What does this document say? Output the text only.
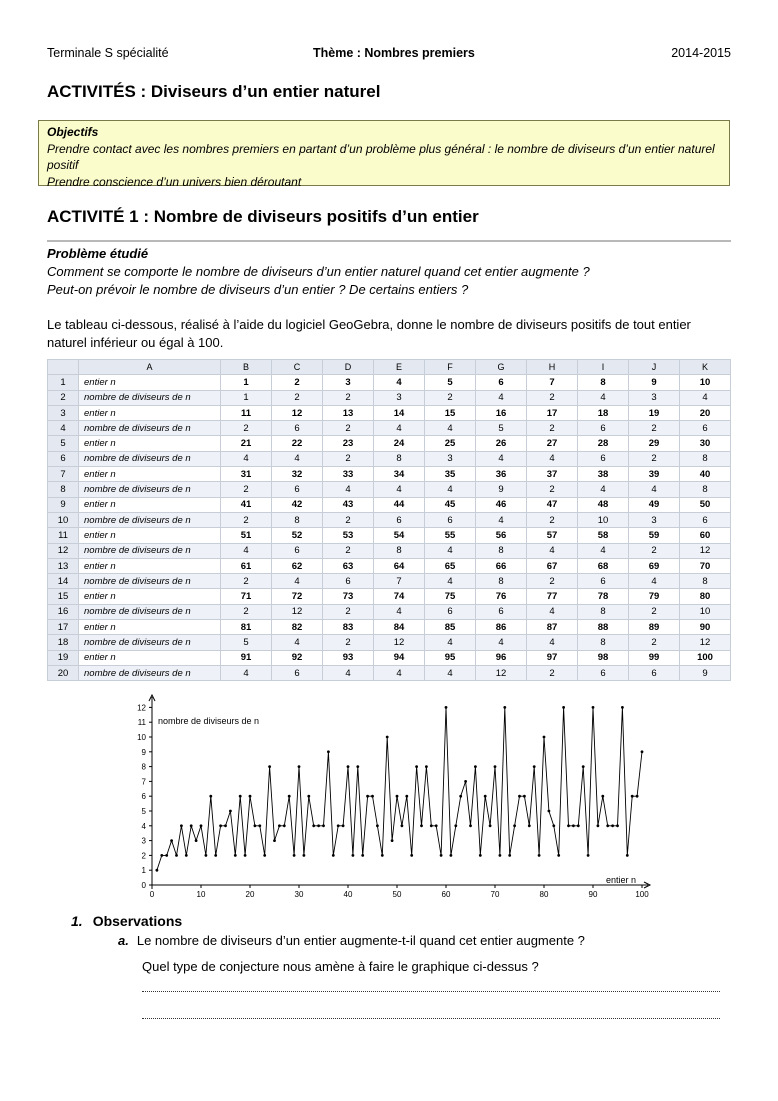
Terminale S spécialité	Thème : Nombres premiers	2014-2015
ACTIVITÉS : Diviseurs d’un entier naturel
Objectifs
Prendre contact avec les nombres premiers en partant d’un problème plus général : le nombre de diviseurs d’un entier naturel positif
Prendre conscience d’un univers bien déroutant
ACTIVITÉ 1 : Nombre de diviseurs positifs d’un entier
Problème étudié
Comment se comporte le nombre de diviseurs d’un entier naturel quand cet entier augmente ?
Peut-on prévoir le nombre de diviseurs d’un entier ? De certains entiers ?
Le tableau ci-dessous, réalisé à l’aide du logiciel GeoGebra, donne le nombre de diviseurs positifs de tout entier naturel inférieur ou égal à 100.
	A	B	C	D	E	F	G	H	I	J	K
1	entier n	1	2	3	4	5	6	7	8	9	10
2	nombre de diviseurs de n	1	2	2	3	2	4	2	4	3	4
3	entier n	11	12	13	14	15	16	17	18	19	20
4	nombre de diviseurs de n	2	6	2	4	4	5	2	6	2	6
5	entier n	21	22	23	24	25	26	27	28	29	30
6	nombre de diviseurs de n	4	4	2	8	3	4	4	6	2	8
7	entier n	31	32	33	34	35	36	37	38	39	40
8	nombre de diviseurs de n	2	6	4	4	4	9	2	4	4	8
9	entier n	41	42	43	44	45	46	47	48	49	50
10	nombre de diviseurs de n	2	8	2	6	6	4	2	10	3	6
11	entier n	51	52	53	54	55	56	57	58	59	60
12	nombre de diviseurs de n	4	6	2	8	4	8	4	4	2	12
13	entier n	61	62	63	64	65	66	67	68	69	70
14	nombre de diviseurs de n	2	4	6	7	4	8	2	6	4	8
15	entier n	71	72	73	74	75	76	77	78	79	80
16	nombre de diviseurs de n	2	12	2	4	6	6	4	8	2	10
17	entier n	81	82	83	84	85	86	87	88	89	90
18	nombre de diviseurs de n	5	4	2	12	4	4	4	8	2	12
19	entier n	91	92	93	94	95	96	97	98	99	100
20	nombre de diviseurs de n	4	6	4	4	4	12	2	6	6	9
0	10	20	30	40	50	60	70	80	90	100
0
1
2
3
4
5
6
7
8
9
10
11
12
nombre de diviseurs de n
entier n
1. Observations
a. Le nombre de diviseurs d’un entier augmente-t-il quand cet entier augmente ?
Quel type de conjecture nous amène à faire le graphique ci-dessus ?
